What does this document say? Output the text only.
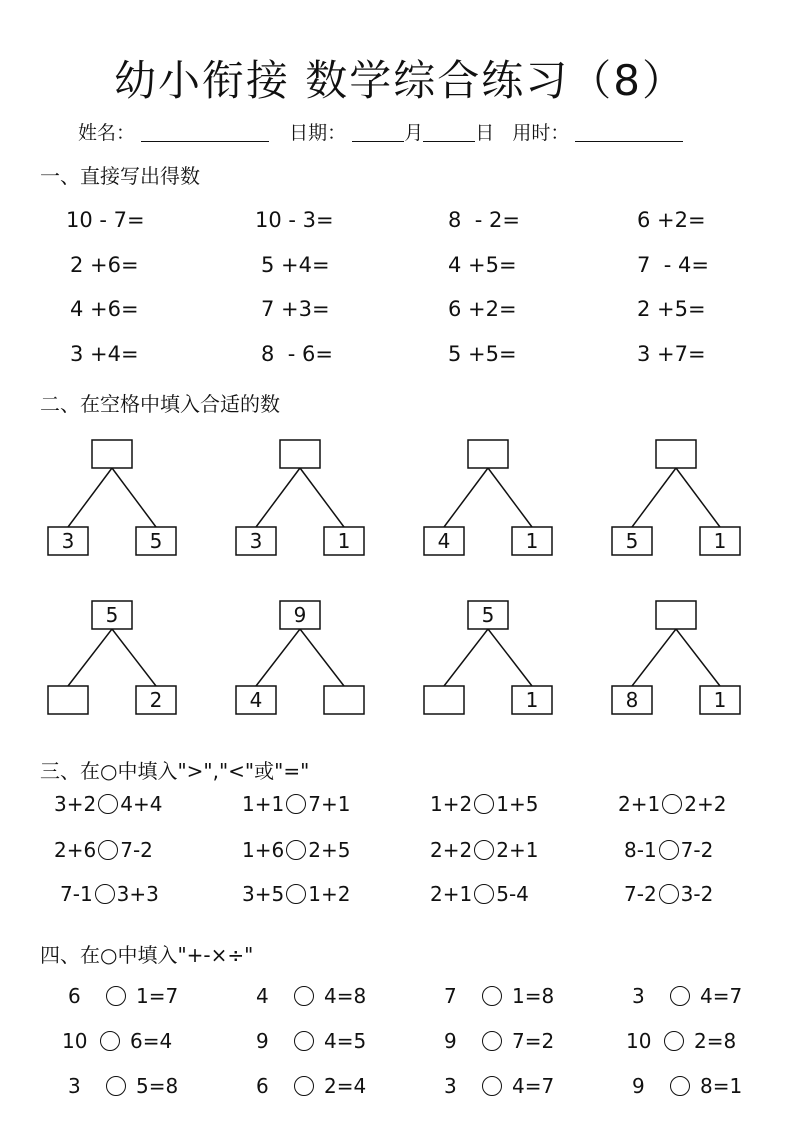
幼小衔接 数学综合练习（8）
姓名：	日期：	月	日 用时：
一、直接写出得数
10 - 7=	10 - 3=	8  - 2=	6 +2=
2 +6=	5 +4=	4 +5=	7  - 4=
4 +6=	7 +3=	6 +2=	2 +5=
3 +4=	8  - 6=	5 +5=	3 +7=
二、在空格中填入合适的数
3	5	3	1	4	1	5	1
5
2
9
4
5
1	8	1
三、在○中填入">","<"或"="
3+2 4+4	1+1 7+1	1+2 1+5	2+1 2+2
2+6 7-2	1+6 2+5	2+2 2+1	8-1 7-2
7-1 3+3	3+5 1+2	2+1 5-4	7-2 3-2
四、在○中填入"+-×÷"
6	1=7	4	4=8	7	1=8	3	4=7
10	6=4	9	4=5	9	7=2	10	2=8
3	5=8	6	2=4	3	4=7	9	8=1
